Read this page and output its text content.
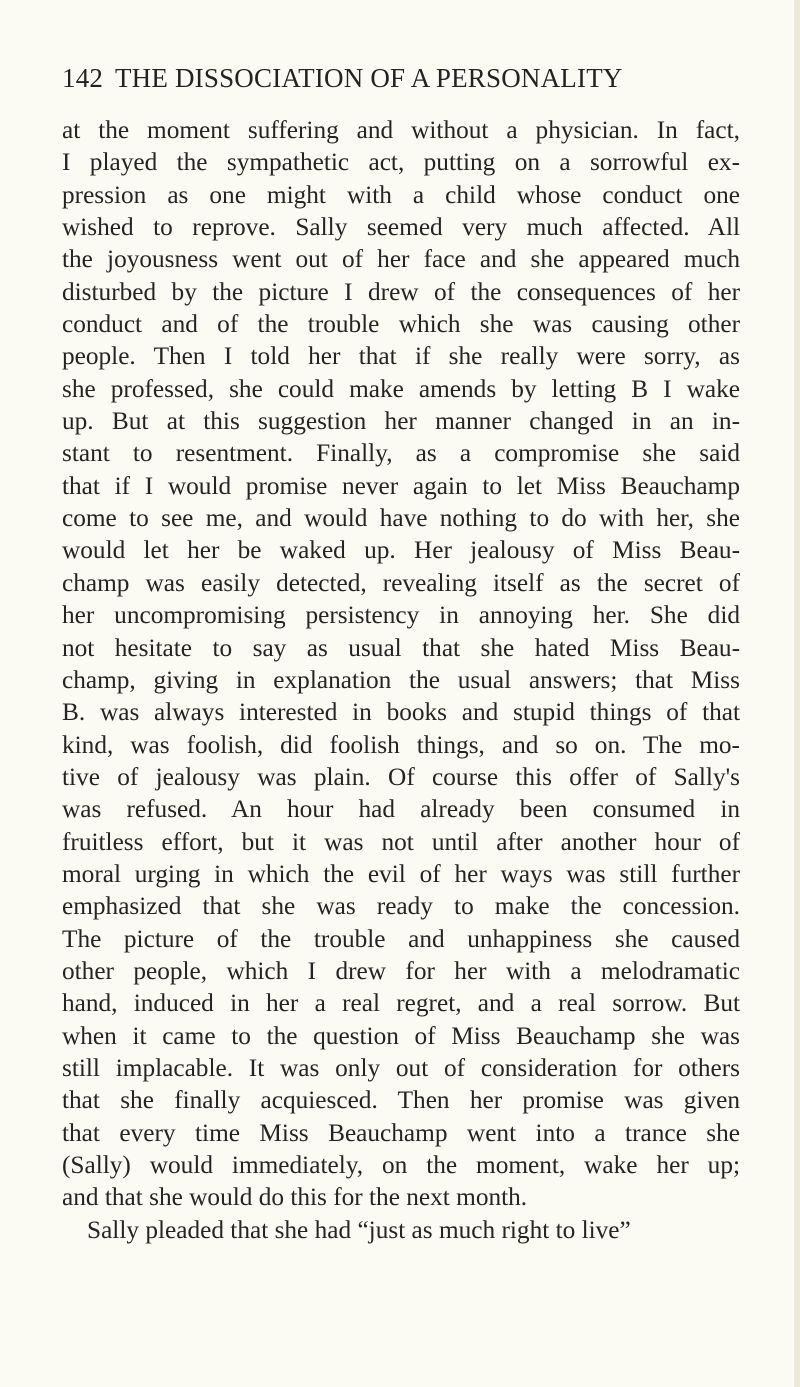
142 THE DISSOCIATION OF A PERSONALITY
at the moment suffering and without a physician. In fact,
I played the sympathetic act, putting on a sorrowful ex-
pression as one might with a child whose conduct one
wished to reprove. Sally seemed very much affected. All
the joyousness went out of her face and she appeared much
disturbed by the picture I drew of the consequences of her
conduct and of the trouble which she was causing other
people. Then I told her that if she really were sorry, as
she professed, she could make amends by letting B I wake
up. But at this suggestion her manner changed in an in-
stant to resentment. Finally, as a compromise she said
that if I would promise never again to let Miss Beauchamp
come to see me, and would have nothing to do with her, she
would let her be waked up. Her jealousy of Miss Beau-
champ was easily detected, revealing itself as the secret of
her uncompromising persistency in annoying her. She did
not hesitate to say as usual that she hated Miss Beau-
champ, giving in explanation the usual answers; that Miss
B. was always interested in books and stupid things of that
kind, was foolish, did foolish things, and so on. The mo-
tive of jealousy was plain. Of course this offer of Sally's
was refused. An hour had already been consumed in
fruitless effort, but it was not until after another hour of
moral urging in which the evil of her ways was still further
emphasized that she was ready to make the concession.
The picture of the trouble and unhappiness she caused
other people, which I drew for her with a melodramatic
hand, induced in her a real regret, and a real sorrow. But
when it came to the question of Miss Beauchamp she was
still implacable. It was only out of consideration for others
that she finally acquiesced. Then her promise was given
that every time Miss Beauchamp went into a trance she
(Sally) would immediately, on the moment, wake her up;
and that she would do this for the next month.
Sally pleaded that she had “just as much right to live”
